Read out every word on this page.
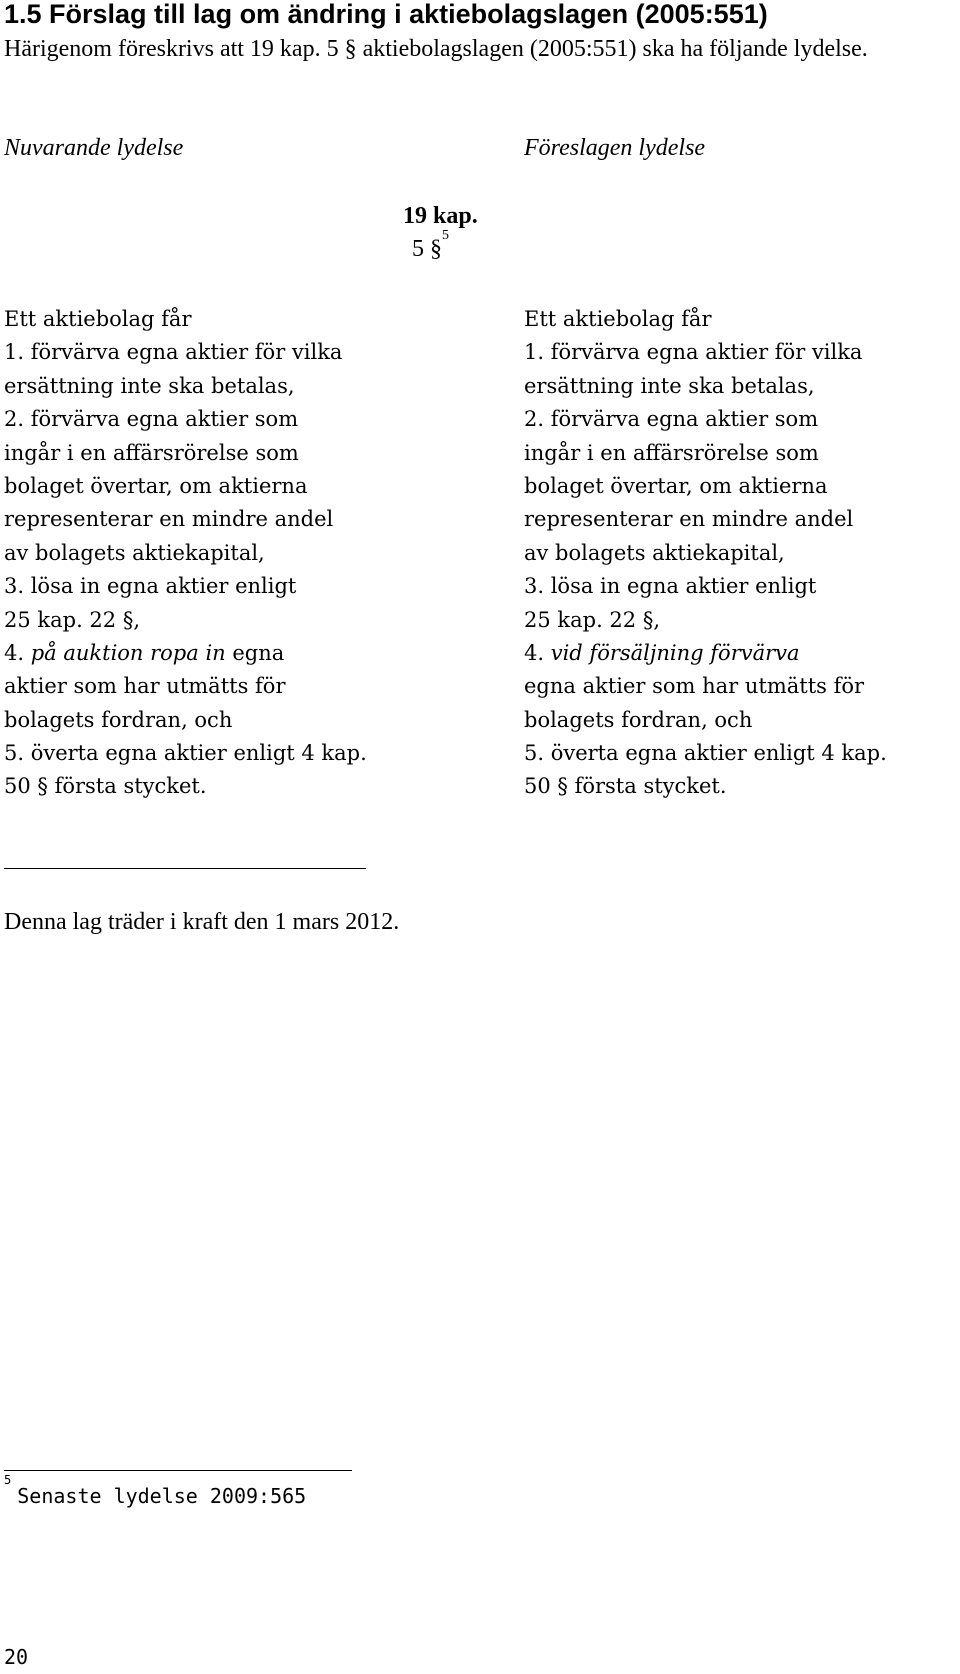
1.5 Förslag till lag om ändring i aktiebolagslagen (2005:551)
Härigenom föreskrivs att 19 kap. 5 § aktiebolagslagen (2005:551) ska ha följande lydelse.
Nuvarande lydelse	Föreslagen lydelse
19 kap.
5 §$^5$
Ett aktiebolag får
1. förvärva egna aktier för vilka
ersättning inte ska betalas,
2. förvärva egna aktier som
ingår i en affärsrörelse som
bolaget övertar, om aktierna
representerar en mindre andel
av bolagets aktiekapital,
3. lösa in egna aktier enligt
25 kap. 22 §,
4. på auktion ropa in egna
aktier som har utmätts för
bolagets fordran, och
5. överta egna aktier enligt 4 kap.
50 § första stycket.
Ett aktiebolag får
1. förvärva egna aktier för vilka
ersättning inte ska betalas,
2. förvärva egna aktier som
ingår i en affärsrörelse som
bolaget övertar, om aktierna
representerar en mindre andel
av bolagets aktiekapital,
3. lösa in egna aktier enligt
25 kap. 22 §,
4. vid försäljning förvärva
egna aktier som har utmätts för
bolagets fordran, och
5. överta egna aktier enligt 4 kap.
50 § första stycket.
Denna lag träder i kraft den 1 mars 2012.
$^5$Senaste lydelse 2009:565
20
